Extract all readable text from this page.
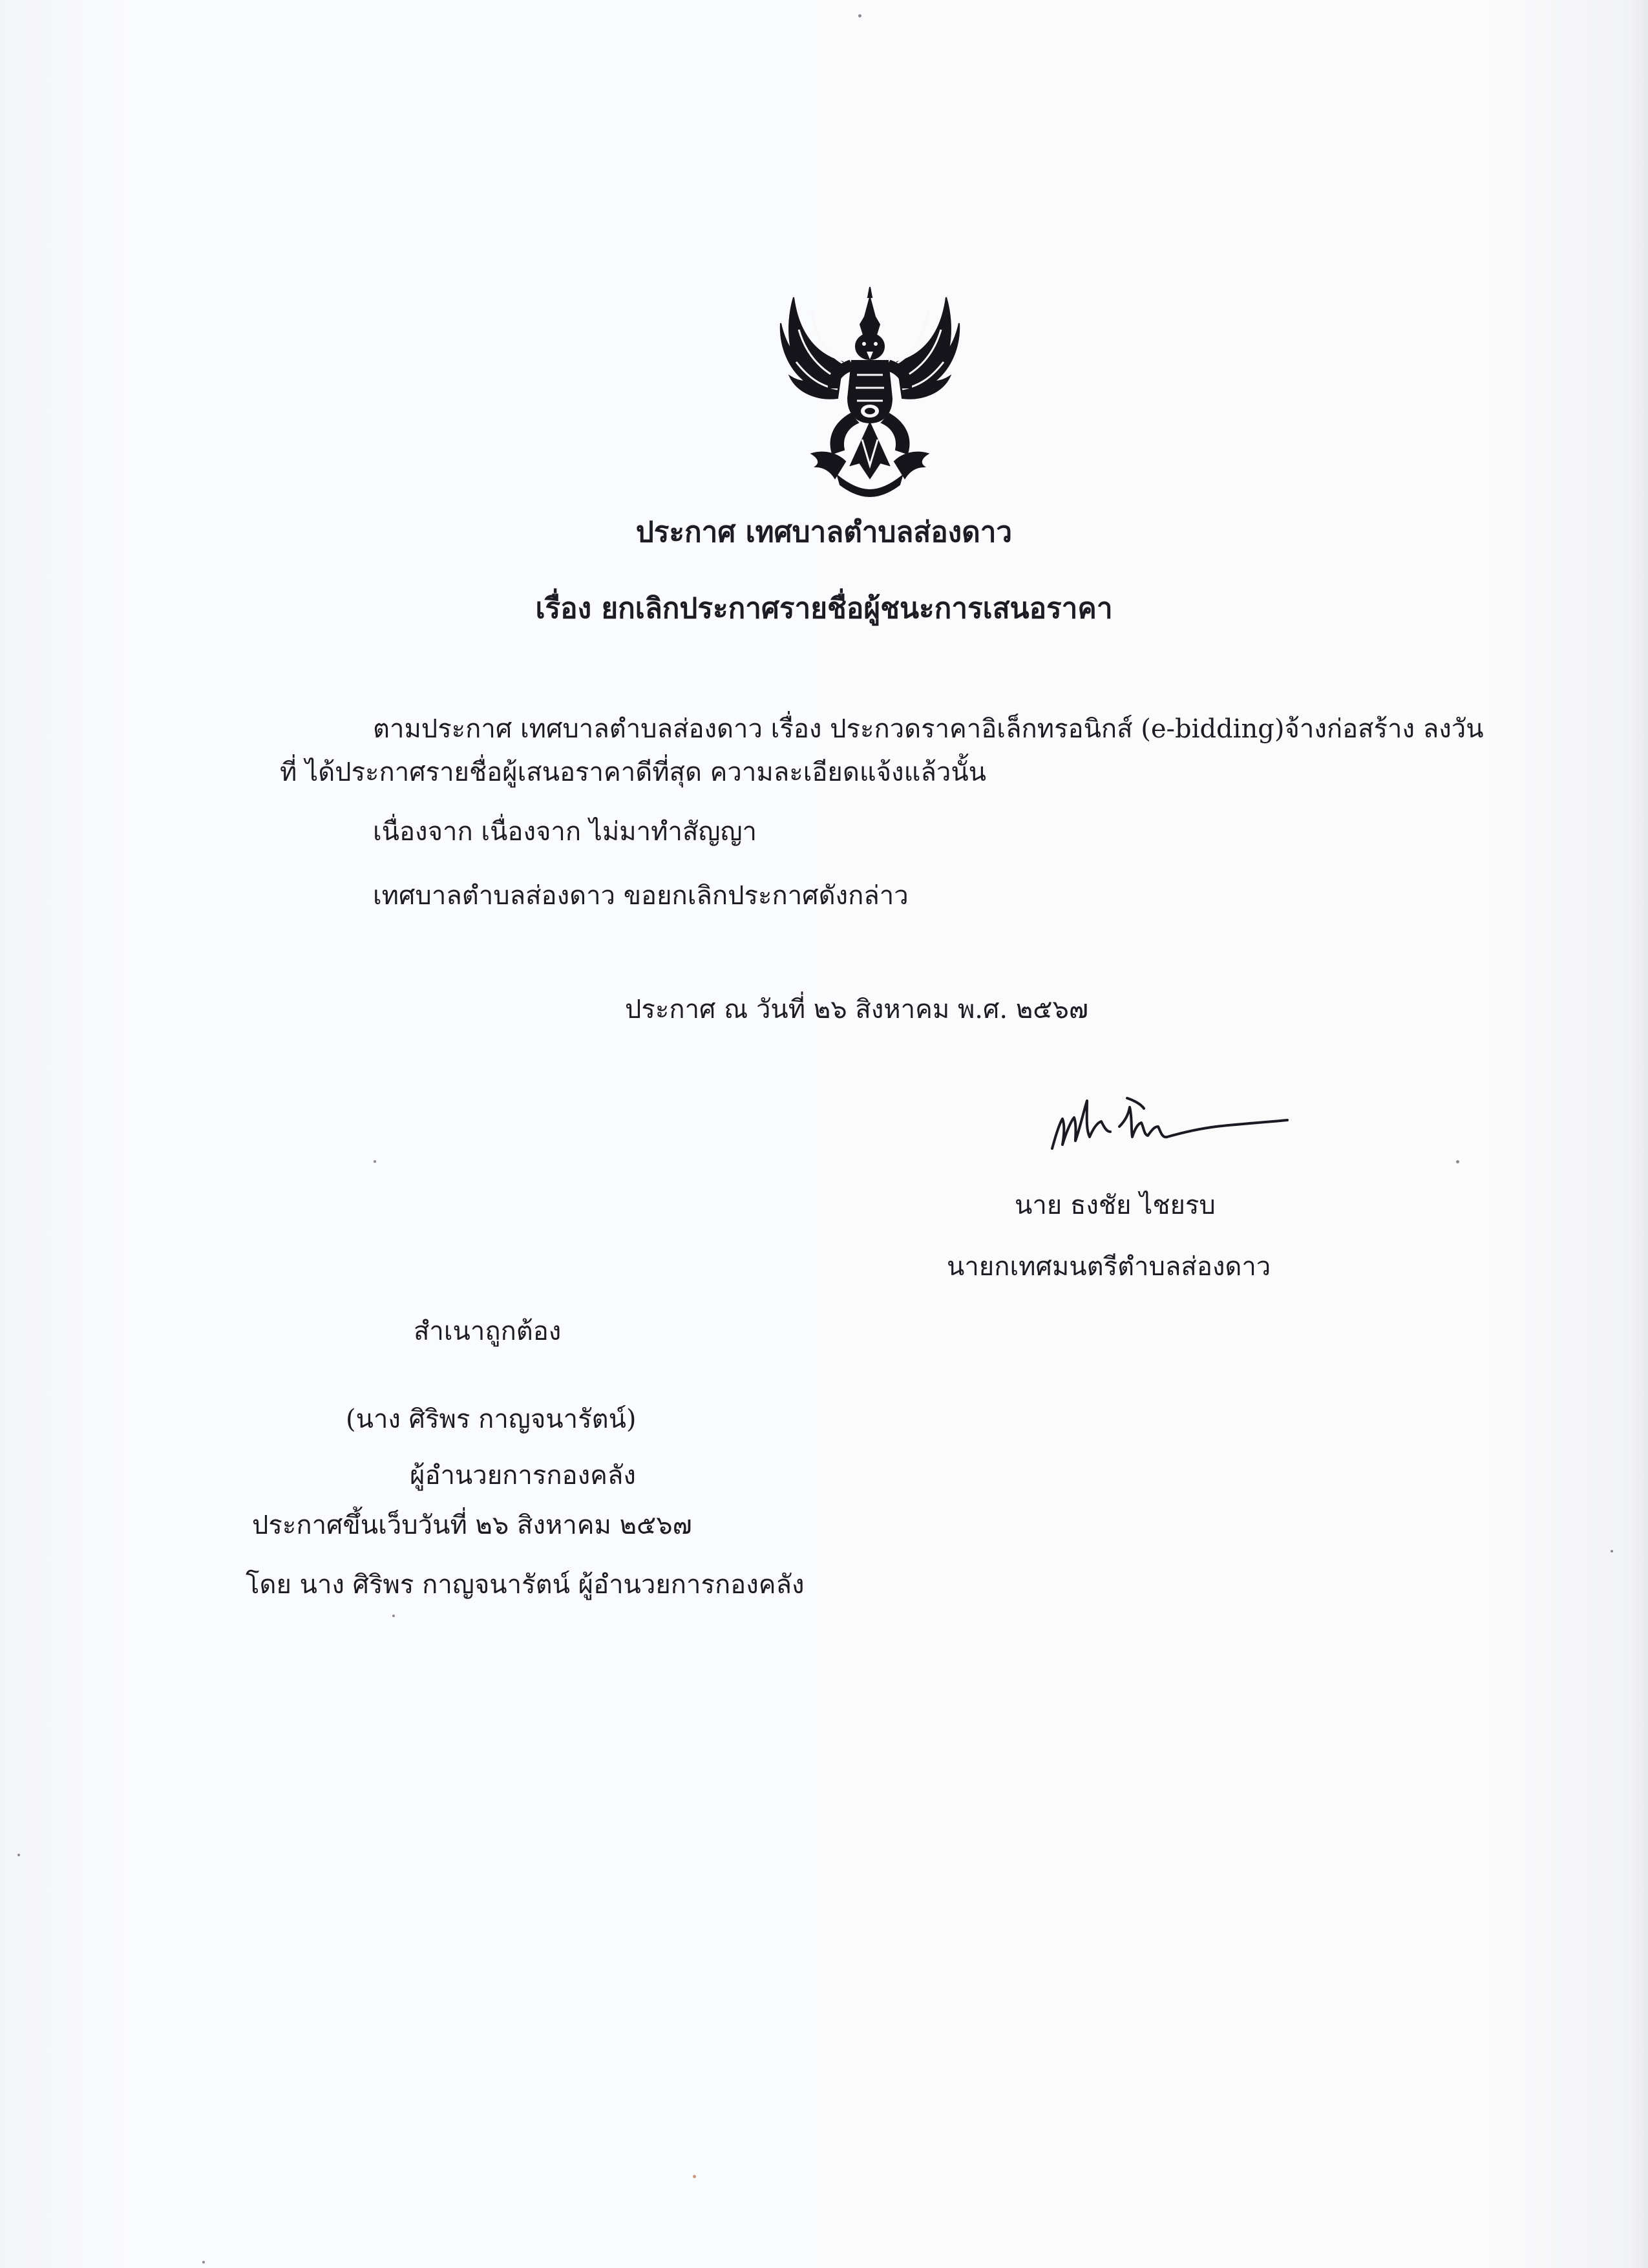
ประกาศ เทศบาลตำบลส่องดาว
เรื่อง ยกเลิกประกาศรายชื่อผู้ชนะการเสนอราคา
ตามประกาศ เทศบาลตำบลส่องดาว เรื่อง ประกวดราคาอิเล็กทรอนิกส์ (e-bidding)จ้างก่อสร้าง ลงวัน
ที่ ได้ประกาศรายชื่อผู้เสนอราคาดีที่สุด ความละเอียดแจ้งแล้วนั้น
เนื่องจาก เนื่องจาก ไม่มาทำสัญญา
เทศบาลตำบลส่องดาว ขอยกเลิกประกาศดังกล่าว
ประกาศ ณ วันที่ ๒๖ สิงหาคม พ.ศ. ๒๕๖๗
นาย ธงชัย ไชยรบ
นายกเทศมนตรีตำบลส่องดาว
สำเนาถูกต้อง
(นาง ศิริพร กาญจนารัตน์)
ผู้อำนวยการกองคลัง
ประกาศขึ้นเว็บวันที่ ๒๖ สิงหาคม ๒๕๖๗
โดย นาง ศิริพร กาญจนารัตน์ ผู้อำนวยการกองคลัง
